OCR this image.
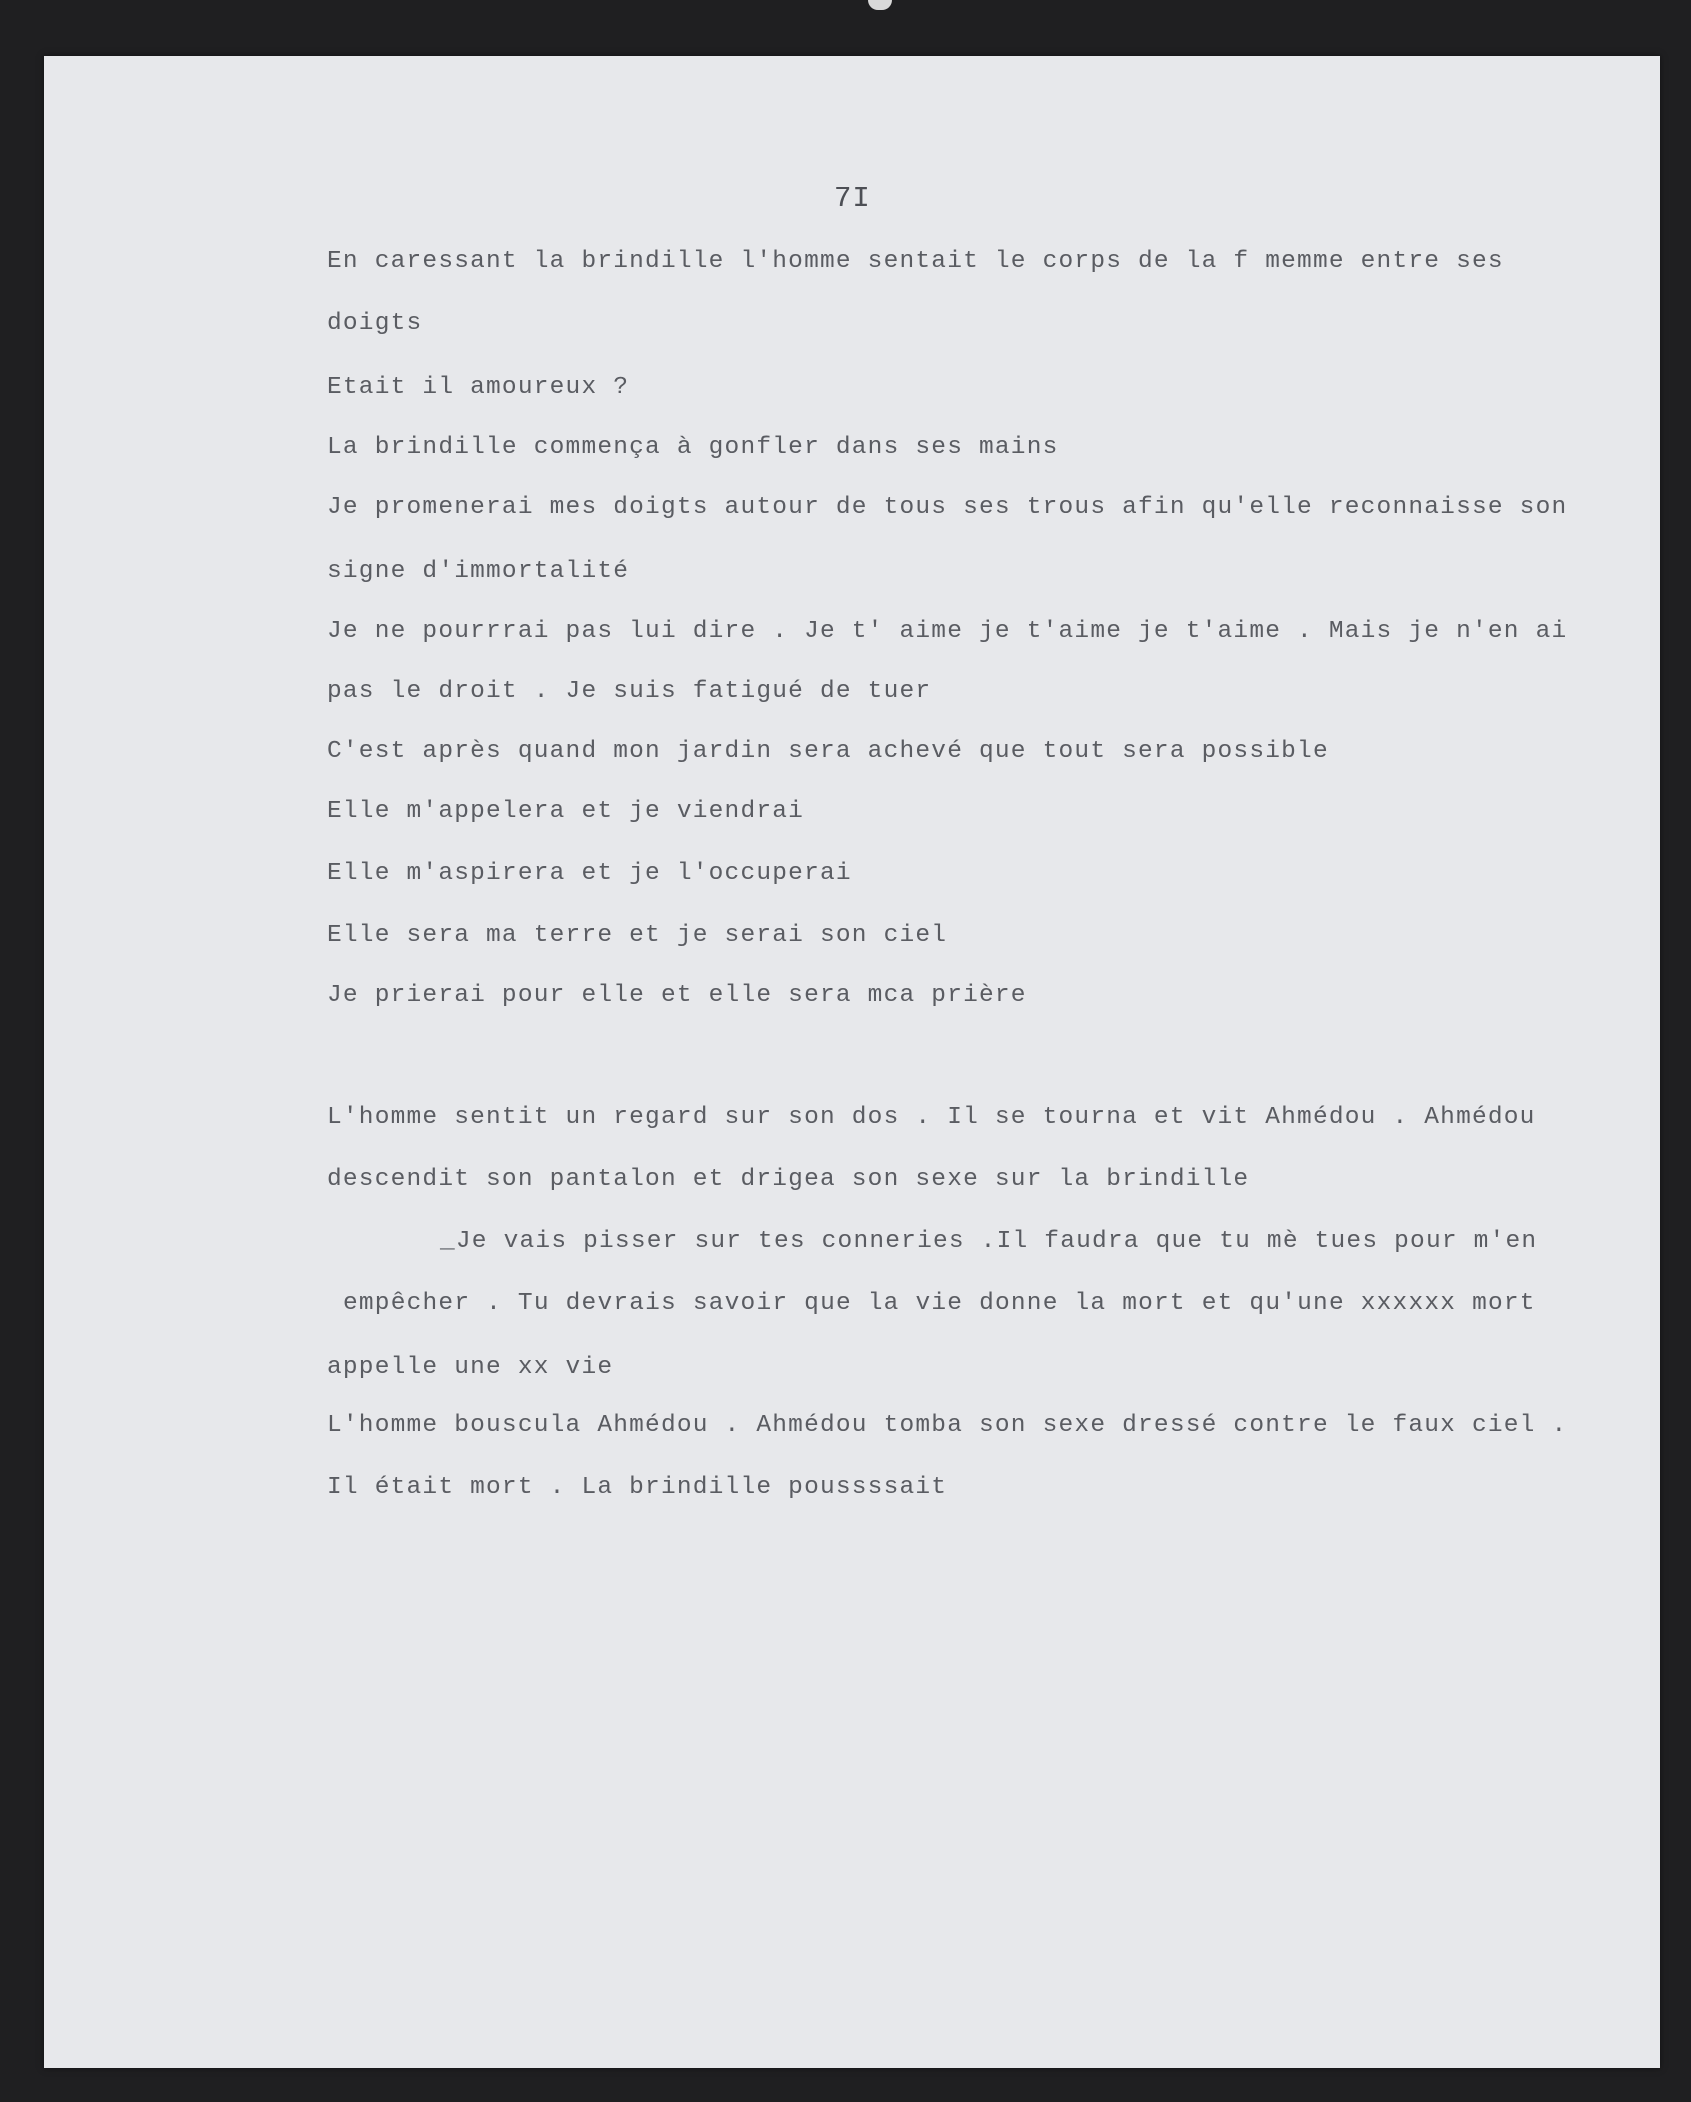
7I
En caressant la brindille l'homme sentait le corps de la f memme entre ses
doigts
Etait il amoureux ?
La brindille commença à gonfler dans ses mains
Je promenerai mes doigts autour de tous ses trous afin qu'elle reconnaisse son
signe d'immortalité
Je ne pourrrai pas lui dire . Je t' aime je t'aime je t'aime . Mais je n'en ai
pas le droit . Je suis fatigué de tuer
C'est après quand mon jardin sera achevé que tout sera possible
Elle m'appelera et je viendrai
Elle m'aspirera et je l'occuperai
Elle sera ma terre et je serai son ciel
Je prierai pour elle et elle sera mca prière
L'homme sentit un regard sur son dos . Il se tourna et vit Ahmédou . Ahmédou
descendit son pantalon et drigea son sexe sur la brindille
_Je vais pisser sur tes conneries .Il faudra que tu mè tues pour m'en
empêcher . Tu devrais savoir que la vie donne la mort et qu'une xxxxxx mort
appelle une xx vie
L'homme bouscula Ahmédou . Ahmédou tomba son sexe dressé contre le faux ciel .
Il était mort . La brindille poussssait
